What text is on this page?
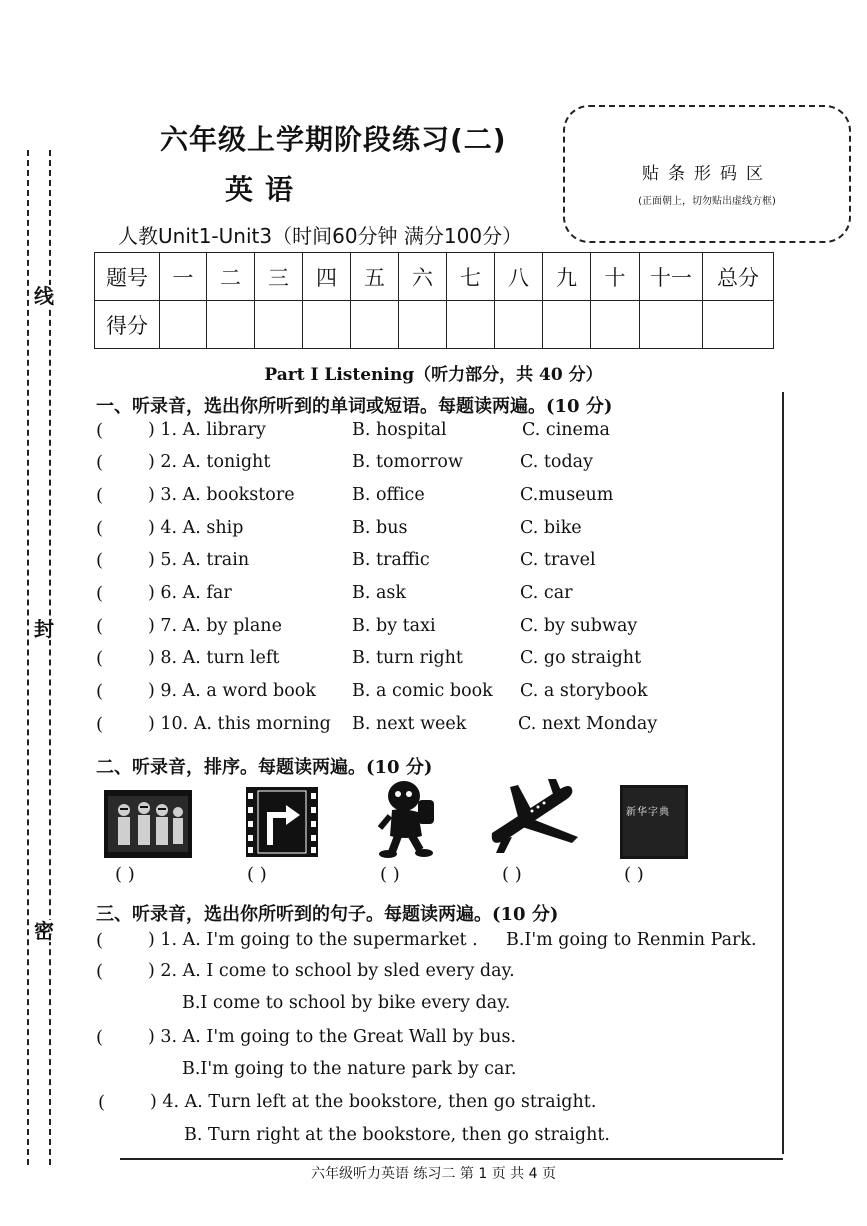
线
封
密
六年级上学期阶段练习(二)
英语
人教Unit1-Unit3（时间60分钟 满分100分）
贴条形码区
(正面朝上，切勿贴出虚线方框)
题号	一	二	三	四	五	六	七	八	九	十	十一	总分
得分												
Part I Listening（听力部分，共 40 分）
一、听录音，选出你所听到的单词或短语。每题读两遍。(10 分)
(	) 1. A. library	B. hospital	C. cinema
(	) 2. A. tonight	B. tomorrow	C. today
(	) 3. A. bookstore	B. office	C.museum
(	) 4. A. ship	B. bus	C. bike
(	) 5. A. train	B. traffic	C. travel
(	) 6. A. far	B. ask	C. car
(	) 7. A. by plane	B. by taxi	C. by subway
(	) 8. A. turn left	B. turn right	C. go straight
(	) 9. A. a word book B. a comic book C. a storybook
(	) 10. A. this morning B. next week	C. next Monday
二、听录音，排序。每题读两遍。(10 分)
新华字典
( )	( )	( )	( )	( )
三、听录音，选出你所听到的句子。每题读两遍。(10 分)
(	) 1. A. I'm going to the supermarket . B.I'm going to Renmin Park.
(	) 2. A. I come to school by sled every day.
B.I come to school by bike every day.
(	) 3. A. I'm going to the Great Wall by bus.
B.I'm going to the nature park by car.
(	) 4. A. Turn left at the bookstore, then go straight.
B. Turn right at the bookstore, then go straight.
六年级听力英语 练习二 第 1 页 共 4 页
